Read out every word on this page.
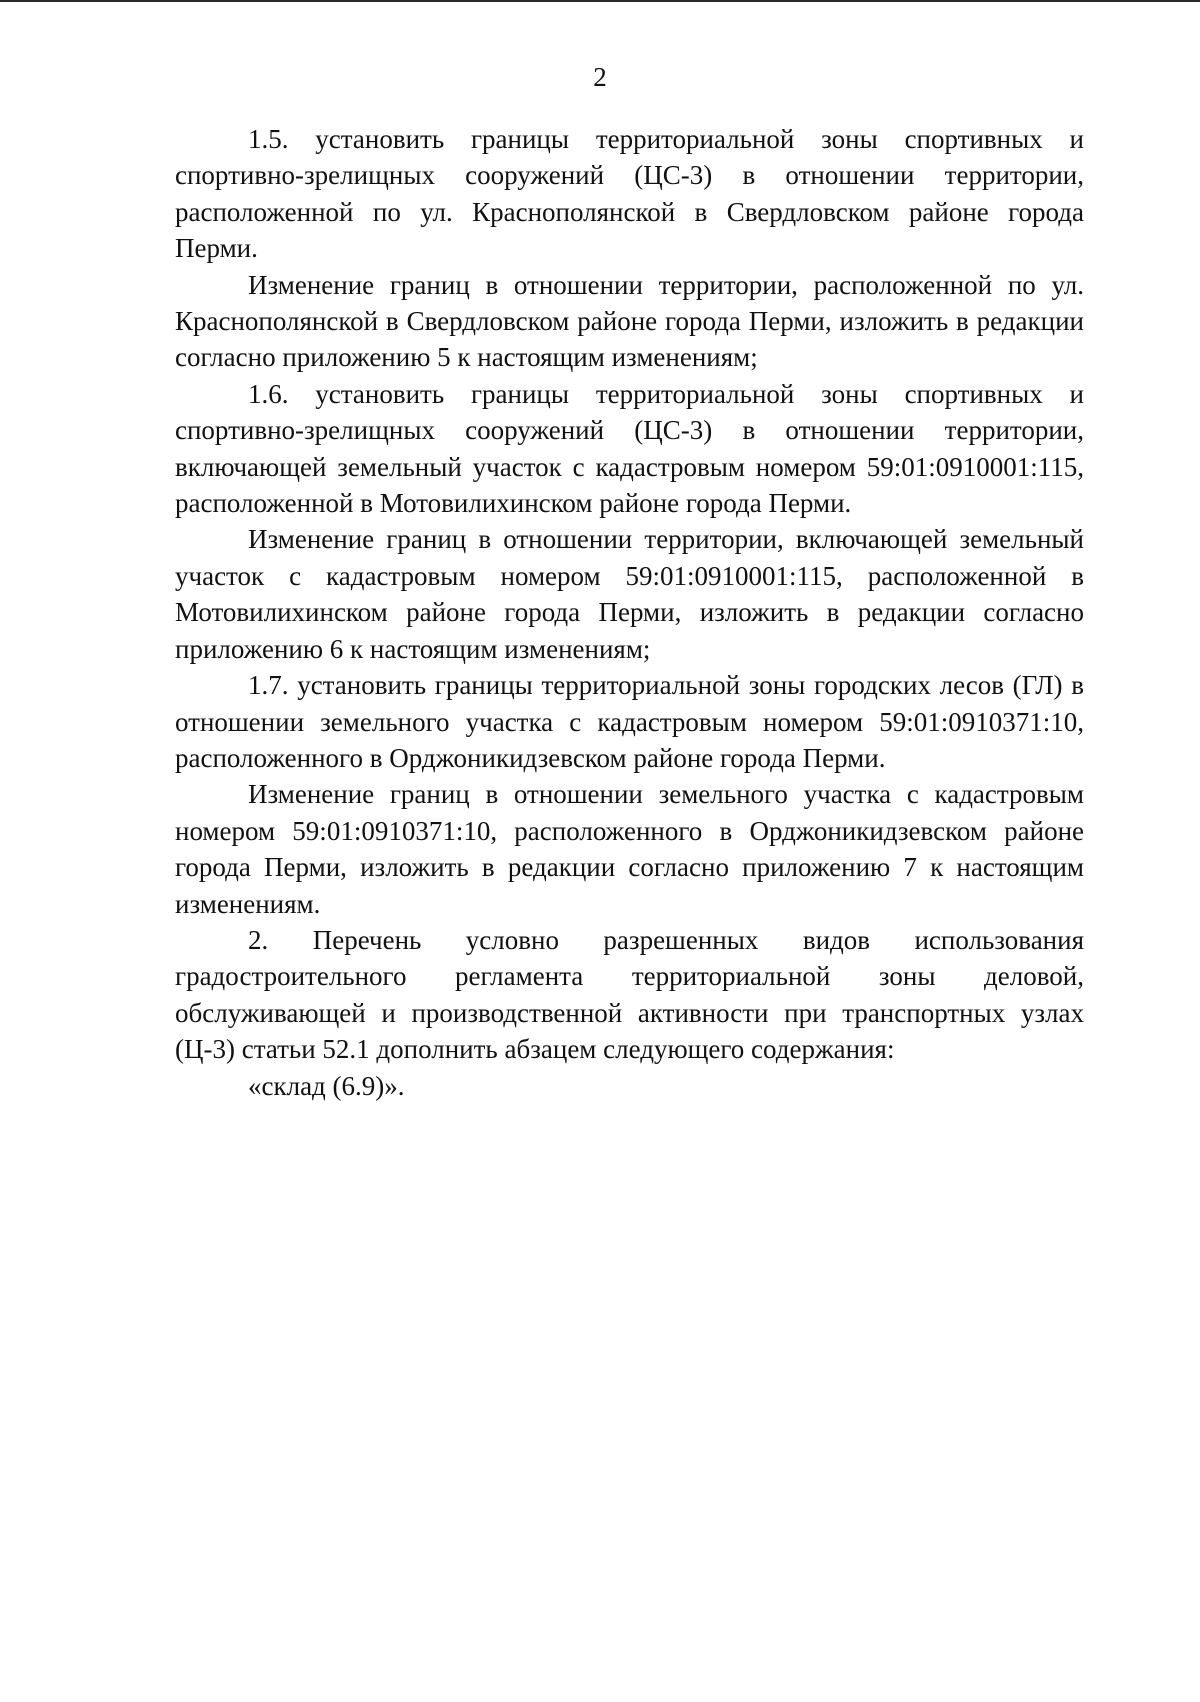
2

1.5. установить границы территориальной зоны спортивных и спортивно-зрелищных сооружений (ЦС-3) в отношении территории, расположенной по ул. Краснополянской в Свердловском районе города Перми.

Изменение границ в отношении территории, расположенной по ул. Краснополянской в Свердловском районе города Перми, изложить в редакции согласно приложению 5 к настоящим изменениям;

1.6. установить границы территориальной зоны спортивных и спортивно-зрелищных сооружений (ЦС-3) в отношении территории, включающей земельный участок с кадастровым номером 59:01:0910001:115, расположенной в Мотовилихинском районе города Перми.

Изменение границ в отношении территории, включающей земельный участок с кадастровым номером 59:01:0910001:115, расположенной в Мотовилихинском районе города Перми, изложить в редакции согласно приложению 6 к настоящим изменениям;

1.7. установить границы территориальной зоны городских лесов (ГЛ) в отношении земельного участка с кадастровым номером 59:01:0910371:10, расположенного в Орджоникидзевском районе города Перми.

Изменение границ в отношении земельного участка с кадастровым номером 59:01:0910371:10, расположенного в Орджоникидзевском районе города Перми, изложить в редакции согласно приложению 7 к настоящим изменениям.

2. Перечень условно разрешенных видов использования градостроительного регламента территориальной зоны деловой, обслуживающей и производственной активности при транспортных узлах (Ц-3) статьи 52.1 дополнить абзацем следующего содержания:

«склад (6.9)».
